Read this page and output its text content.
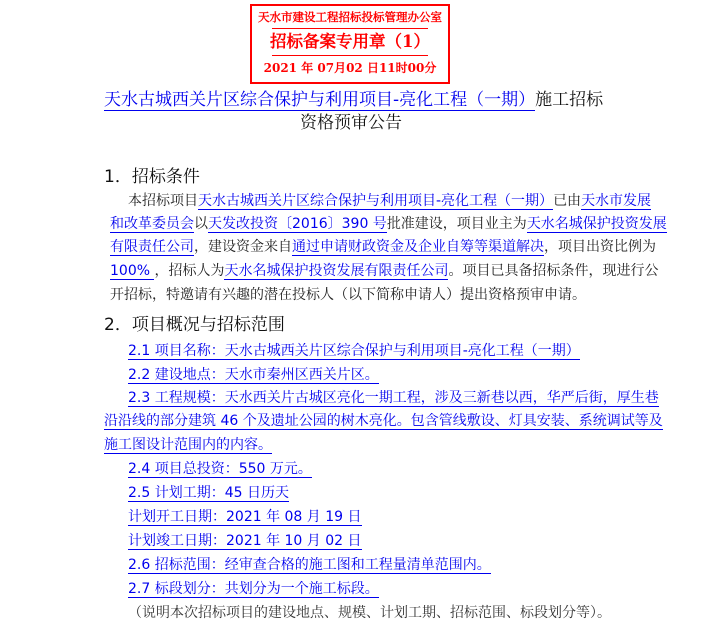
天水古城西关片区综合保护与利用项目-亮化工程（一期）施工招标
资格预审公告
天水市建设工程招标投标管理办公室
招标备案专用章（1）
2021 年 07月02 日11时00分
1．招标条件
本招标项目天水古城西关片区综合保护与利用项目-亮化工程（一期）已由天水市发展
和改革委员会以天发改投资〔2016〕390 号批准建设，项目业主为天水名城保护投资发展
有限责任公司，建设资金来自通过申请财政资金及企业自筹等渠道解决，项目出资比例为
100% ，招标人为天水名城保护投资发展有限责任公司。项目已具备招标条件，现进行公
开招标，特邀请有兴趣的潜在投标人（以下简称申请人）提出资格预审申请。
2．项目概况与招标范围
2.1 项目名称：天水古城西关片区综合保护与利用项目-亮化工程（一期）
2.2 建设地点：天水市秦州区西关片区。
2.3 工程规模：天水西关片古城区亮化一期工程，涉及三新巷以西，华严后街，厚生巷
沿沿线的部分建筑 46 个及遗址公园的树木亮化。包含管线敷设、灯具安装、系统调试等及
施工图设计范围内的内容。
2.4 项目总投资：550 万元。
2.5 计划工期：45 日历天
计划开工日期：2021 年 08 月 19 日
计划竣工日期：2021 年 10 月 02 日
2.6 招标范围：经审查合格的施工图和工程量清单范围内。
2.7 标段划分：共划分为一个施工标段。
（说明本次招标项目的建设地点、规模、计划工期、招标范围、标段划分等）。
